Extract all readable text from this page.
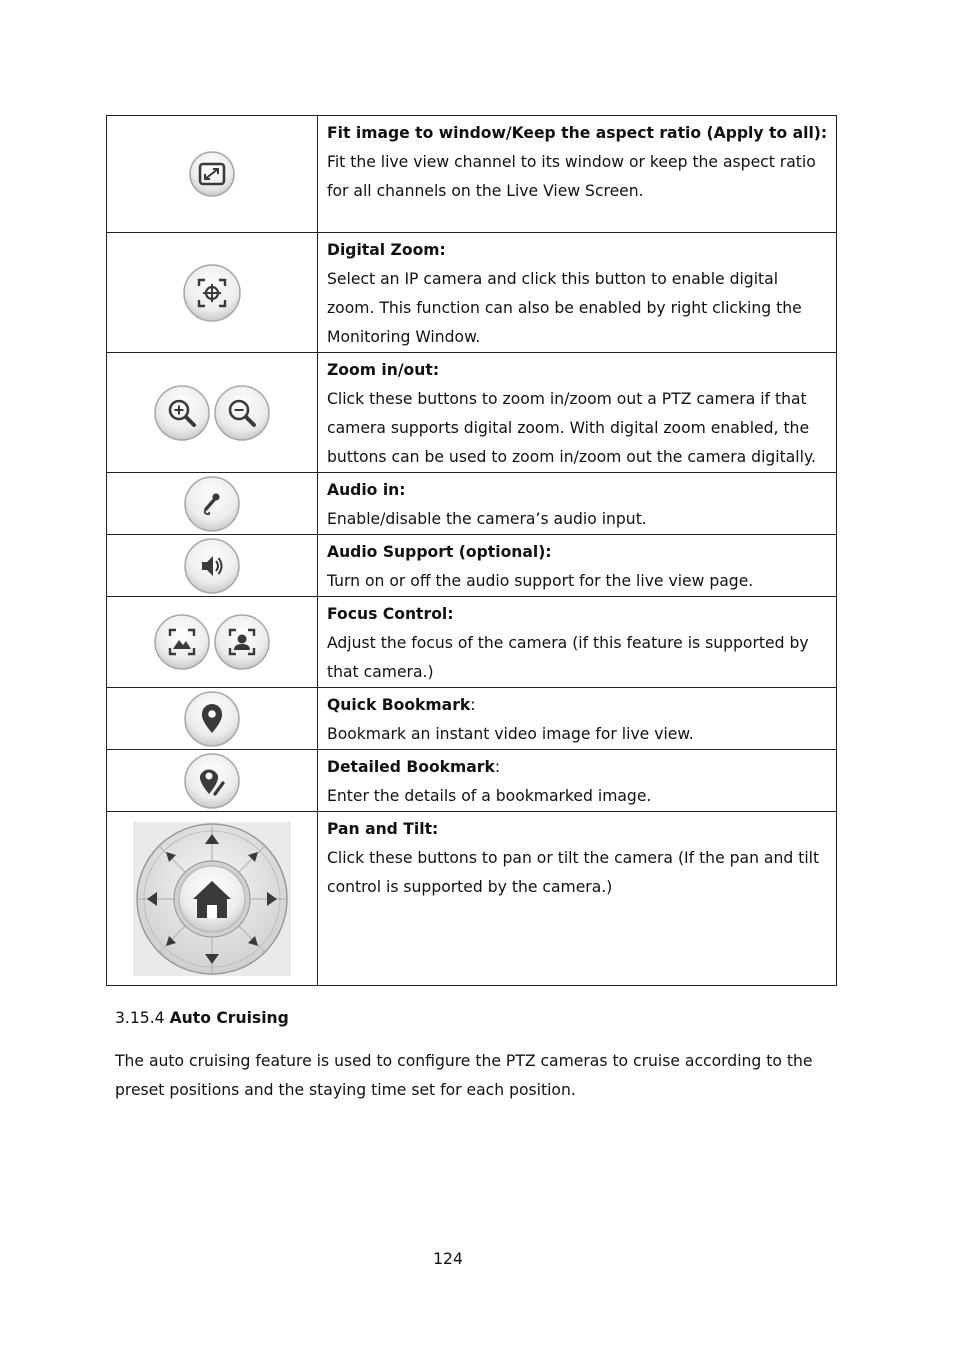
	Fit image to window/Keep the aspect ratio (Apply to all):
Fit the live view channel to its window or keep the aspect ratio for all channels on the Live View Screen.

	Digital Zoom:
Select an IP camera and click this button to enable digital zoom. This function can also be enabled by right clicking the Monitoring Window.

	Zoom in/out:
Click these buttons to zoom in/zoom out a PTZ camera if that camera supports digital zoom. With digital zoom enabled, the buttons can be used to zoom in/zoom out the camera digitally.

	Audio in:
Enable/disable the camera’s audio input.

	Audio Support (optional):
Turn on or off the audio support for the live view page.

	Focus Control:
Adjust the focus of the camera (if this feature is supported by that camera.)

	Quick Bookmark:
Bookmark an instant video image for live view.

	Detailed Bookmark:
Enter the details of a bookmarked image.

	Pan and Tilt:
Click these buttons to pan or tilt the camera (If the pan and tilt control is supported by the camera.)
3.15.4 Auto Cruising
The auto cruising feature is used to configure the PTZ cameras to cruise according to the preset positions and the staying time set for each position.
124
